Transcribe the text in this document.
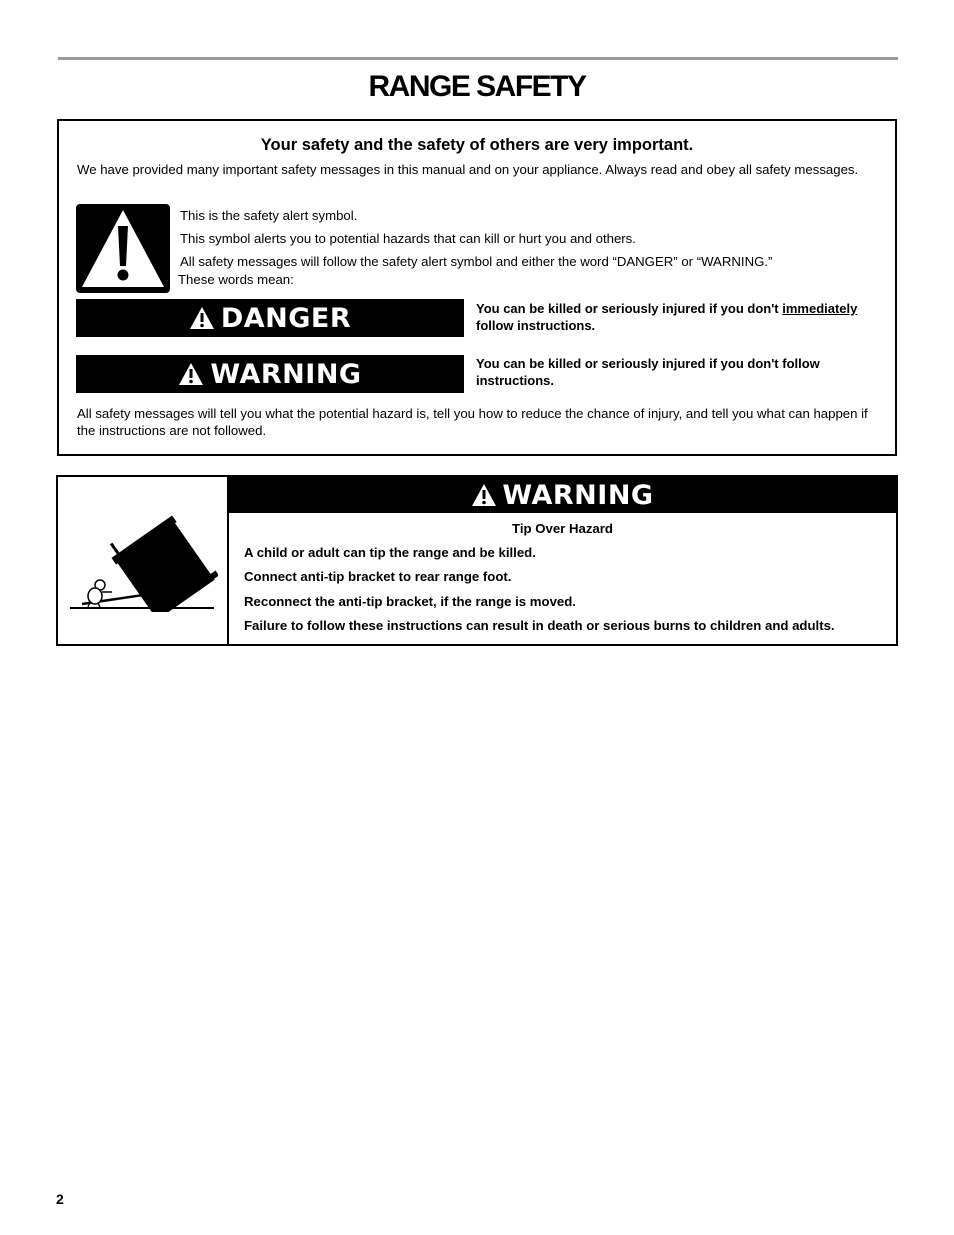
RANGE SAFETY
Your safety and the safety of others are very important.
We have provided many important safety messages in this manual and on your appliance. Always read and obey all safety messages.
This is the safety alert symbol.
This symbol alerts you to potential hazards that can kill or hurt you and others.
All safety messages will follow the safety alert symbol and either the word “DANGER” or “WARNING.”
These words mean:
DANGER	You can be killed or seriously injured if you don't immediately follow instructions.
WARNING	You can be killed or seriously injured if you don't follow instructions.
All safety messages will tell you what the potential hazard is, tell you how to reduce the chance of injury, and tell you what can happen if the instructions are not followed.
WARNING
Tip Over Hazard
A child or adult can tip the range and be killed.
Connect anti-tip bracket to rear range foot.
Reconnect the anti-tip bracket, if the range is moved.
Failure to follow these instructions can result in death or serious burns to children and adults.
2
